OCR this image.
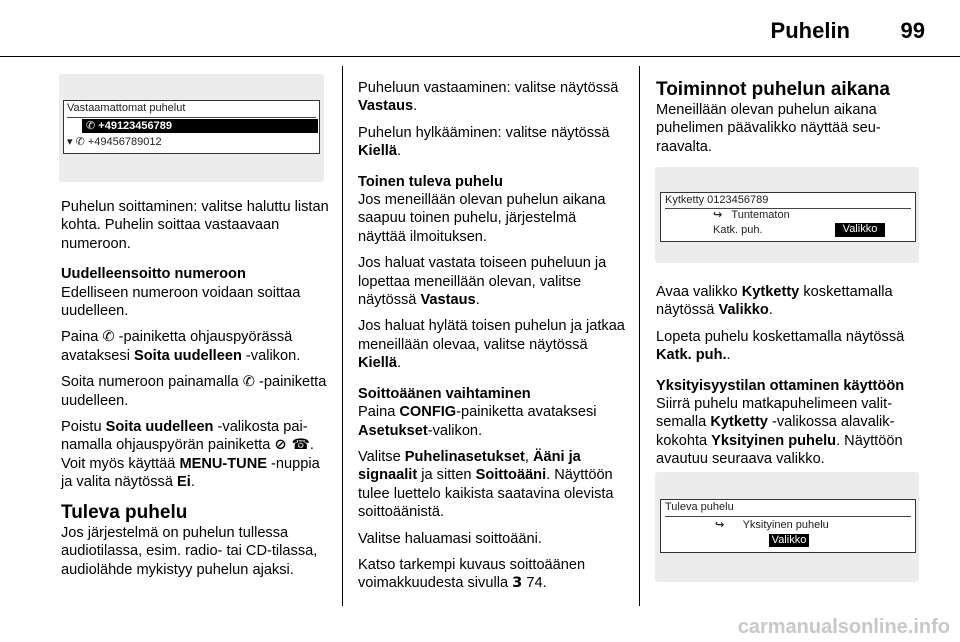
Puhelin	99
Vastaamattomat puhelut
✆ +49123456789
▾ ✆ +49456789012

Puhelun soittaminen: valitse haluttu listan kohta. Puhelin soittaa vastaavaan numeroon.

Uudelleensoitto numeroon

Edelliseen numeroon voidaan soittaa uudelleen.

Paina ✆ -painiketta ohjauspyörässä avataksesi Soita uudelleen -valikon.

Soita numeroon painamalla ✆ -painiketta uudelleen.

Poistu Soita uudelleen -valikosta painamalla ohjauspyörän painiketta ⊘ ☎. Voit myös käyttää MENU-TUNE -nuppia ja valita näytössä Ei.

Tuleva puhelu

Jos järjestelmä on puhelun tullessa audiotilassa, esim. radio- tai CD-tilassa, audiolähde mykistyy puhelun ajaksi.

Puheluun vastaaminen: valitse näytössä Vastaus.

Puhelun hylkääminen: valitse näytössä Kiellä.

Toinen tuleva puhelu

Jos meneillään olevan puhelun aikana saapuu toinen puhelu, järjestelmä näyttää ilmoituksen.

Jos haluat vastata toiseen puheluun ja lopettaa meneillään olevan, valitse näytössä Vastaus.

Jos haluat hylätä toisen puhelun ja jatkaa meneillään olevaa, valitse näytössä Kiellä.

Soittoäänen vaihtaminen

Paina CONFIG-painiketta avataksesi Asetukset-valikon.

Valitse Puhelinasetukset, Ääni ja signaalit ja sitten Soittoääni. Näyttöön tulee luettelo kaikista saatavina olevista soittoäänistä.

Valitse haluamasi soittoääni.

Katso tarkempi kuvaus soittoäänen voimakkuudesta sivulla 3 74.

Toiminnot puhelun aikana

Meneillään olevan puhelun aikana puhelimen päävalikko näyttää seuraavalta.

Kytketty 0123456789
↪ Tuntematon
Katk. puh.	Valikko

Avaa valikko Kytketty koskettamalla näytössä Valikko.

Lopeta puhelu koskettamalla näytössä Katk. puh..

Yksityisyystilan ottaminen käyttöön

Siirrä puhelu matkapuhelimeen valitsemalla Kytketty -valikossa alavalikkokohta Yksityinen puhelu. Näyttöön avautuu seuraava valikko.

Tuleva puhelu
↪ Yksityinen puhelu
Valikko
carmanualsonline.info
